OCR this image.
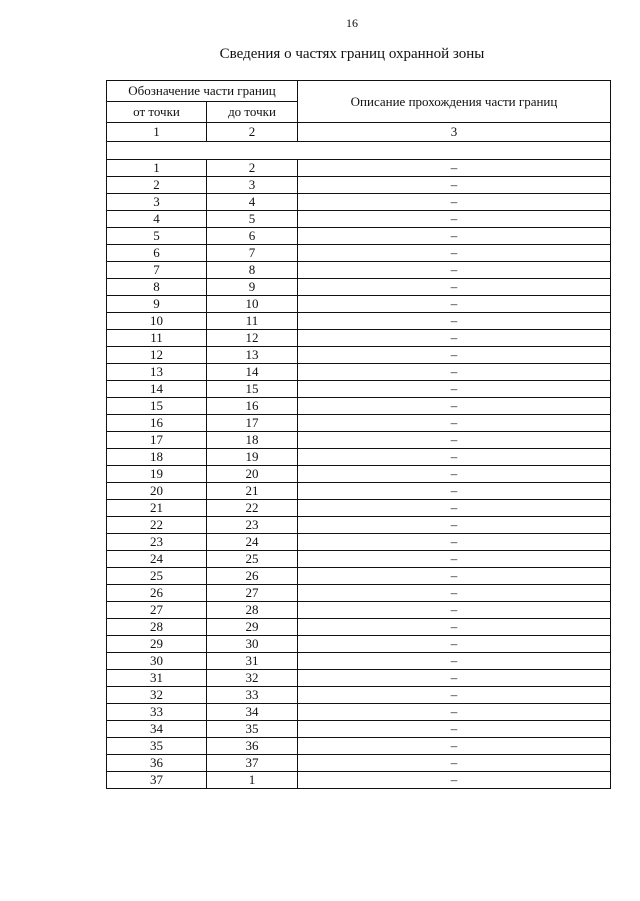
16
Сведения о частях границ охранной зоны
Обозначение части границ		Описание прохождения части границ
от точки	до точки	
1	2	3

1	2	–
2	3	–
3	4	–
4	5	–
5	6	–
6	7	–
7	8	–
8	9	–
9	10	–
10	11	–
11	12	–
12	13	–
13	14	–
14	15	–
15	16	–
16	17	–
17	18	–
18	19	–
19	20	–
20	21	–
21	22	–
22	23	–
23	24	–
24	25	–
25	26	–
26	27	–
27	28	–
28	29	–
29	30	–
30	31	–
31	32	–
32	33	–
33	34	–
34	35	–
35	36	–
36	37	–
37	1	–
